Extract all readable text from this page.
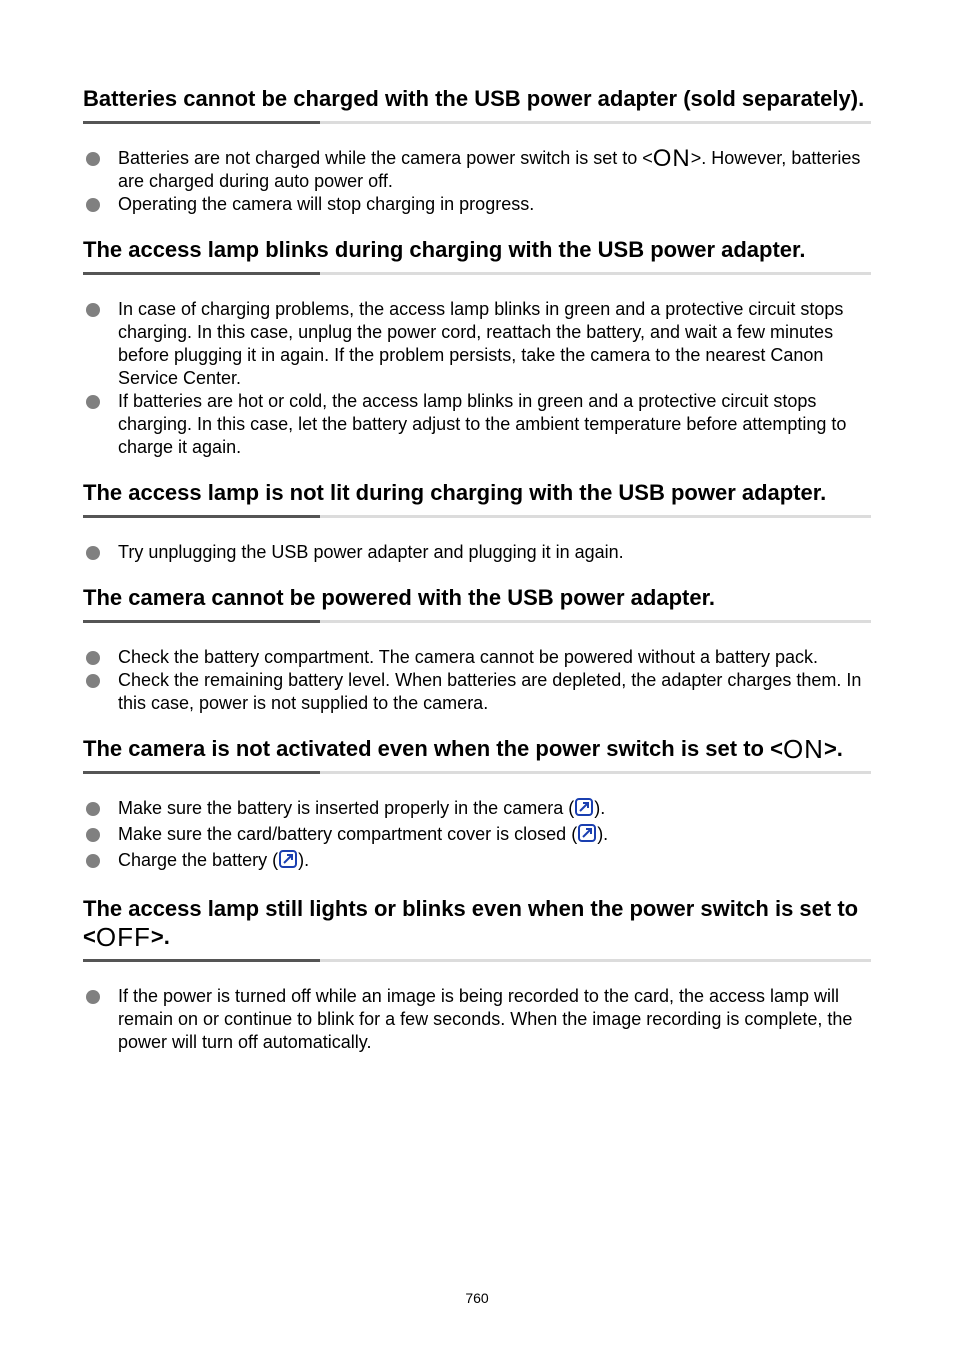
Batteries cannot be charged with the USB power adapter (sold separately).
Batteries are not charged while the camera power switch is set to <ON>. However, batteries are charged during auto power off.
Operating the camera will stop charging in progress.
The access lamp blinks during charging with the USB power adapter.
In case of charging problems, the access lamp blinks in green and a protective circuit stops charging. In this case, unplug the power cord, reattach the battery, and wait a few minutes before plugging it in again. If the problem persists, take the camera to the nearest Canon Service Center.
If batteries are hot or cold, the access lamp blinks in green and a protective circuit stops charging. In this case, let the battery adjust to the ambient temperature before attempting to charge it again.
The access lamp is not lit during charging with the USB power adapter.
Try unplugging the USB power adapter and plugging it in again.
The camera cannot be powered with the USB power adapter.
Check the battery compartment. The camera cannot be powered without a battery pack.
Check the remaining battery level. When batteries are depleted, the adapter charges them. In this case, power is not supplied to the camera.
The camera is not activated even when the power switch is set to <ON>.
Make sure the battery is inserted properly in the camera ( ).
Make sure the card/battery compartment cover is closed ( ).
Charge the battery ( ).
The access lamp still lights or blinks even when the power switch is set to <OFF>.
If the power is turned off while an image is being recorded to the card, the access lamp will remain on or continue to blink for a few seconds. When the image recording is complete, the power will turn off automatically.
760
